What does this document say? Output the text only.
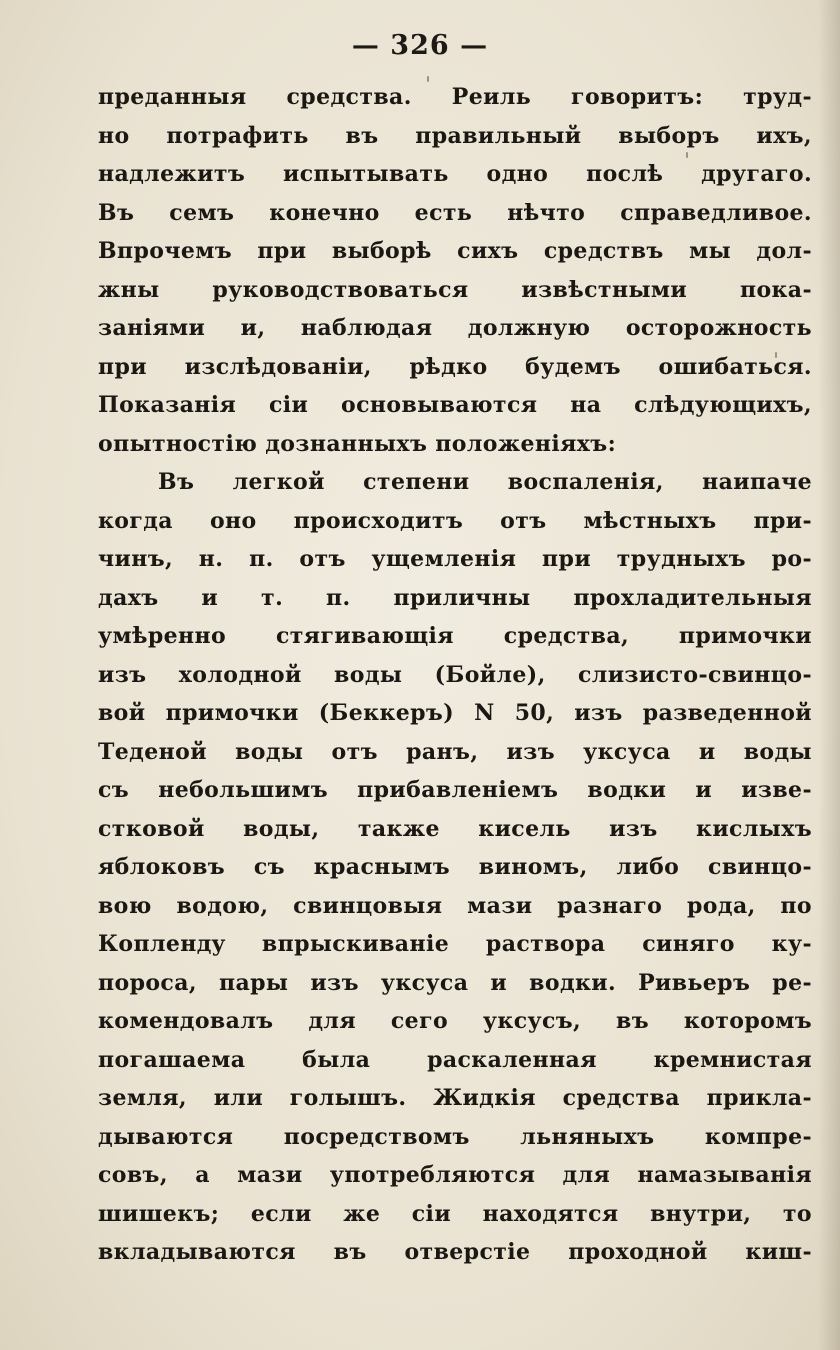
— 326 —
преданныя средства. Реиль говоритъ: труд-
но потрафить въ правильный выборъ ихъ,
надлежитъ испытывать одно послѣ другаго.
Въ семъ конечно есть нѣчто справедливое.
Впрочемъ при выборѣ сихъ средствъ мы дол-
жны руководствоваться извѣстными пока-
заніями и, наблюдая должную осторожность
при изслѣдованіи, рѣдко будемъ ошибаться.
Показанія сіи основываются на слѣдующихъ,
опытностію дознанныхъ положеніяхъ:
Въ легкой степени воспаленія, наипаче
когда оно происходитъ отъ мѣстныхъ при-
чинъ, н. п. отъ ущемленія при трудныхъ ро-
дахъ и т. п. приличны прохладительныя
умѣренно стягивающія средства, примочки
изъ холодной воды (Бойле), слизисто-свинцо-
вой примочки (Беккеръ) N 50, изъ разведенной
Теденой воды отъ ранъ, изъ уксуса и воды
съ небольшимъ прибавленіемъ водки и изве-
стковой воды, также кисель изъ кислыхъ
яблоковъ съ краснымъ виномъ, либо свинцо-
вою водою, свинцовыя мази разнаго рода, по
Коплендy впрыскиванiе раствора синяго ку-
пороса, пары изъ уксуса и водки. Ривьеръ ре-
комендовалъ для сего уксусъ, въ которомъ
погашаема была раскаленная кремнистая
земля, или голышъ. Жидкія средства прикла-
дываются посредствомъ льняныхъ компре-
совъ, а мази употребляются для намазыванія
шишекъ; если же сіи находятся внутри, то
вкладываются въ отверстіе проходной киш-
